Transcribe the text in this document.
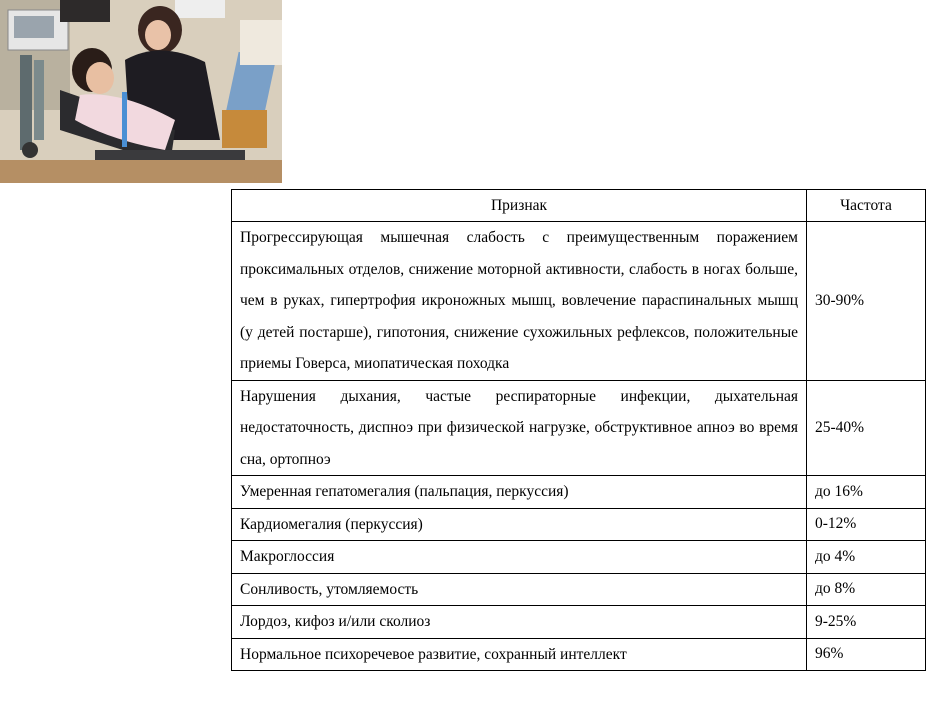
Признак	Частота
Прогрессирующая мышечная слабость с преимущественным поражением проксимальных отделов, снижение моторной активности, слабость в ногах больше, чем в руках, гипертрофия икроножных мышц, вовлечение параспинальных мышц (у детей постарше), гипотония, снижение сухожильных рефлексов, положительные приемы Говерса, миопатическая походка	30-90%
Нарушения дыхания, частые респираторные инфекции, дыхательная недостаточность, диспноэ при физической нагрузке, обструктивное апноэ во время сна, ортопноэ	25-40%
Умеренная гепатомегалия (пальпация, перкуссия)	до 16%
Кардиомегалия (перкуссия)	0-12%
Макроглоссия	до 4%
Сонливость, утомляемость	до 8%
Лордоз, кифоз и/или сколиоз	9-25%
Нормальное психоречевое развитие, сохранный интеллект	96%
